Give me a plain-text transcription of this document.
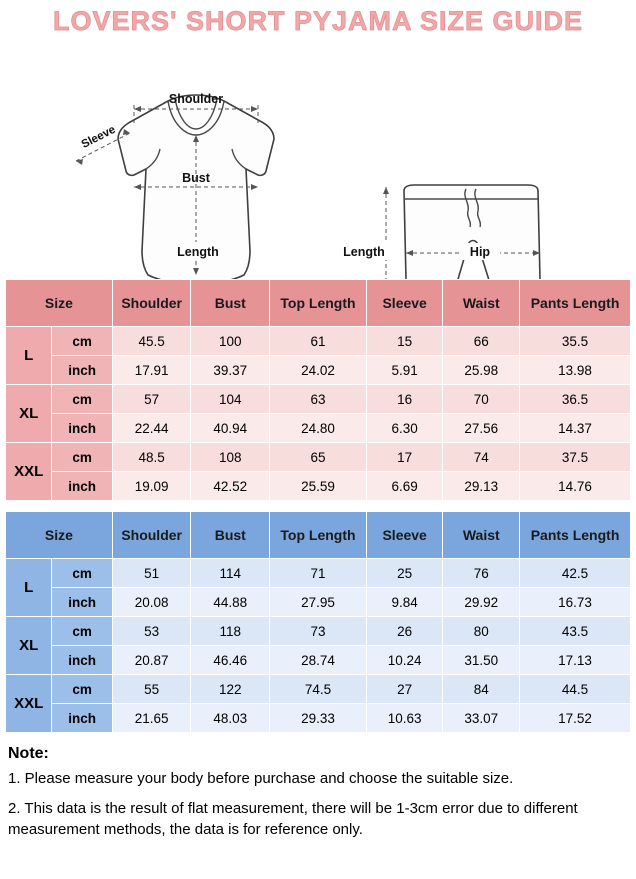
LOVERS' SHORT PYJAMA SIZE GUIDE
Shoulder
Sleeve
Bust
Length	Length	Hip
Size		Shoulder	Bust	Top Length	Sleeve	Waist	Pants Length
L	cm	45.5	100	61	15	66	35.5
	inch	17.91	39.37	24.02	5.91	25.98	13.98
XL	cm	57	104	63	16	70	36.5
	inch	22.44	40.94	24.80	6.30	27.56	14.37
XXL	cm	48.5	108	65	17	74	37.5
	inch	19.09	42.52	25.59	6.69	29.13	14.76
Size		Shoulder	Bust	Top Length	Sleeve	Waist	Pants Length
L	cm	51	114	71	25	76	42.5
	inch	20.08	44.88	27.95	9.84	29.92	16.73
XL	cm	53	118	73	26	80	43.5
	inch	20.87	46.46	28.74	10.24	31.50	17.13
XXL	cm	55	122	74.5	27	84	44.5
	inch	21.65	48.03	29.33	10.63	33.07	17.52
Note:

1. Please measure your body before purchase and choose the suitable size.

2. This data is the result of flat measurement, there will be 1-3cm error due to different measurement methods, the data is for reference only.
